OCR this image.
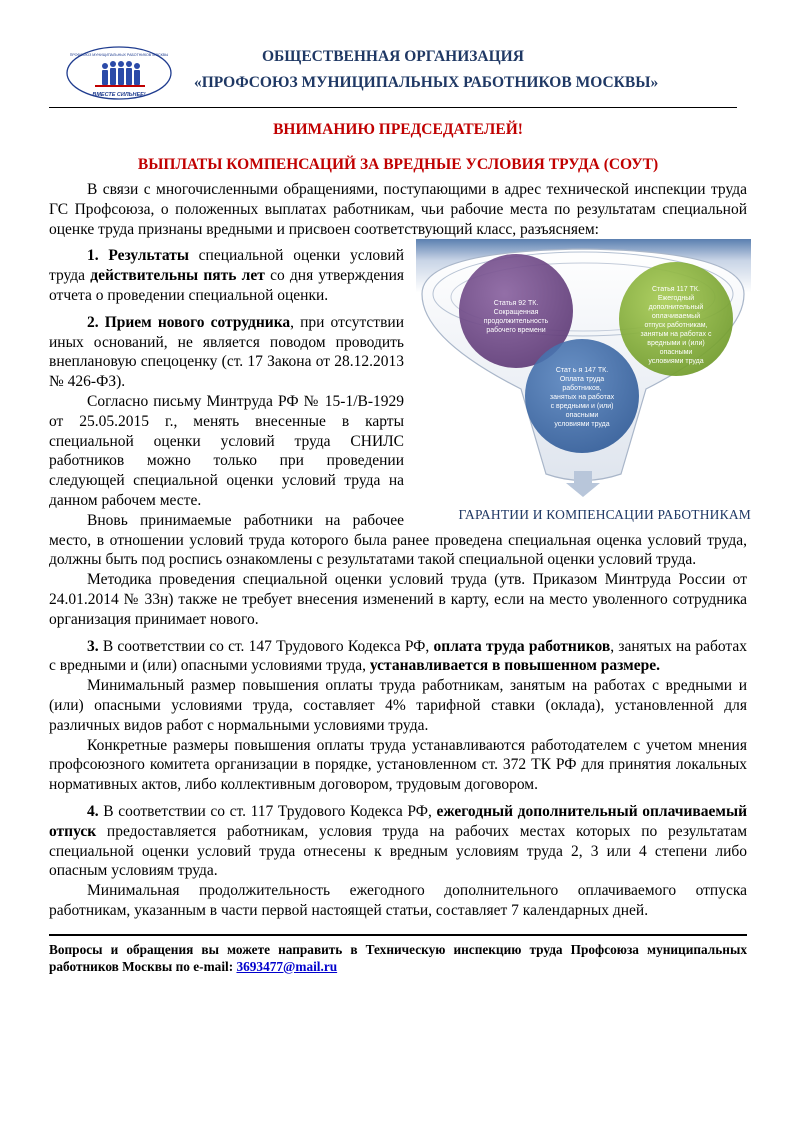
ПРОФСОЮЗ МУНИЦИПАЛЬНЫХ РАБОТНИКОВ МОСКВЫ
ВМЕСТЕ СИЛЬНЕЕ!
ОБЩЕСТВЕННАЯ ОРГАНИЗАЦИЯ
«ПРОФСОЮЗ МУНИЦИПАЛЬНЫХ РАБОТНИКОВ МОСКВЫ»
ВНИМАНИЮ ПРЕДСЕДАТЕЛЕЙ!
ВЫПЛАТЫ КОМПЕНСАЦИЙ ЗА ВРЕДНЫЕ УСЛОВИЯ ТРУДА (СОУТ)

В связи с многочисленными обращениями, поступающими в адрес технической инспекции труда ГС Профсоюза, о положенных выплатах работникам, чьи рабочие места по результатам специальной оценке труда признаны вредными и присвоен соответствующий класс, разъясняем:

Статья 92 ТК.
Сокращенная
продолжительность
рабочего времени
Статья 117 ТК.
Ежегодный
дополнительный
оплачиваемый
отпуск работникам,
занятым на работах с
вредными и (или)
опасными
условиями труда
Стат ь я 147 ТК.
Оплата труда
работников,
занятых на работах
с вредными и (или)
опасными
условиями труда
ГАРАНТИИ И КОМПЕНСАЦИИ РАБОТНИКАМ

1. Результаты специальной оценки условий труда действительны пять лет со дня утверждения отчета о проведении специальной оценки.

2. Прием нового сотрудника, при отсутствии иных оснований, не является поводом проводить внеплановую спецоценку (ст. 17 Закона от 28.12.2013 № 426-ФЗ).

Согласно письму Минтруда РФ № 15-1/В-1929 от 25.05.2015 г., менять внесенные в карты специальной оценки условий труда СНИЛС работников можно только при проведении следующей специальной оценки условий труда на данном рабочем месте.

Вновь принимаемые работники на рабочее место, в отношении условий труда которого была ранее проведена специальная оценка условий труда, должны быть под роспись ознакомлены с результатами такой специальной оценки условий труда.

Методика проведения специальной оценки условий труда (утв. Приказом Минтруда России от 24.01.2014 № 33н) также не требует внесения изменений в карту, если на место уволенного сотрудника организация принимает нового.

3. В соответствии со ст. 147 Трудового Кодекса РФ, оплата труда работников, занятых на работах с вредными и (или) опасными условиями труда, устанавливается в повышенном размере.

Минимальный размер повышения оплаты труда работникам, занятым на работах с вредными и (или) опасными условиями труда, составляет 4% тарифной ставки (оклада), установленной для различных видов работ с нормальными условиями труда.

Конкретные размеры повышения оплаты труда устанавливаются работодателем с учетом мнения профсоюзного комитета организации в порядке, установленном ст. 372 ТК РФ для принятия локальных нормативных актов, либо коллективным договором, трудовым договором.

4. В соответствии со ст. 117 Трудового Кодекса РФ, ежегодный дополнительный оплачиваемый отпуск предоставляется работникам, условия труда на рабочих местах которых по результатам специальной оценки условий труда отнесены к вредным условиям труда 2, 3 или 4 степени либо опасным условиям труда.

Минимальная продолжительность ежегодного дополнительного оплачиваемого отпуска работникам, указанным в части первой настоящей статьи, составляет 7 календарных дней.

Вопросы и обращения вы можете направить в Техническую инспекцию труда Профсоюза муниципальных работников Москвы по e-mail: 3693477@mail.ru
